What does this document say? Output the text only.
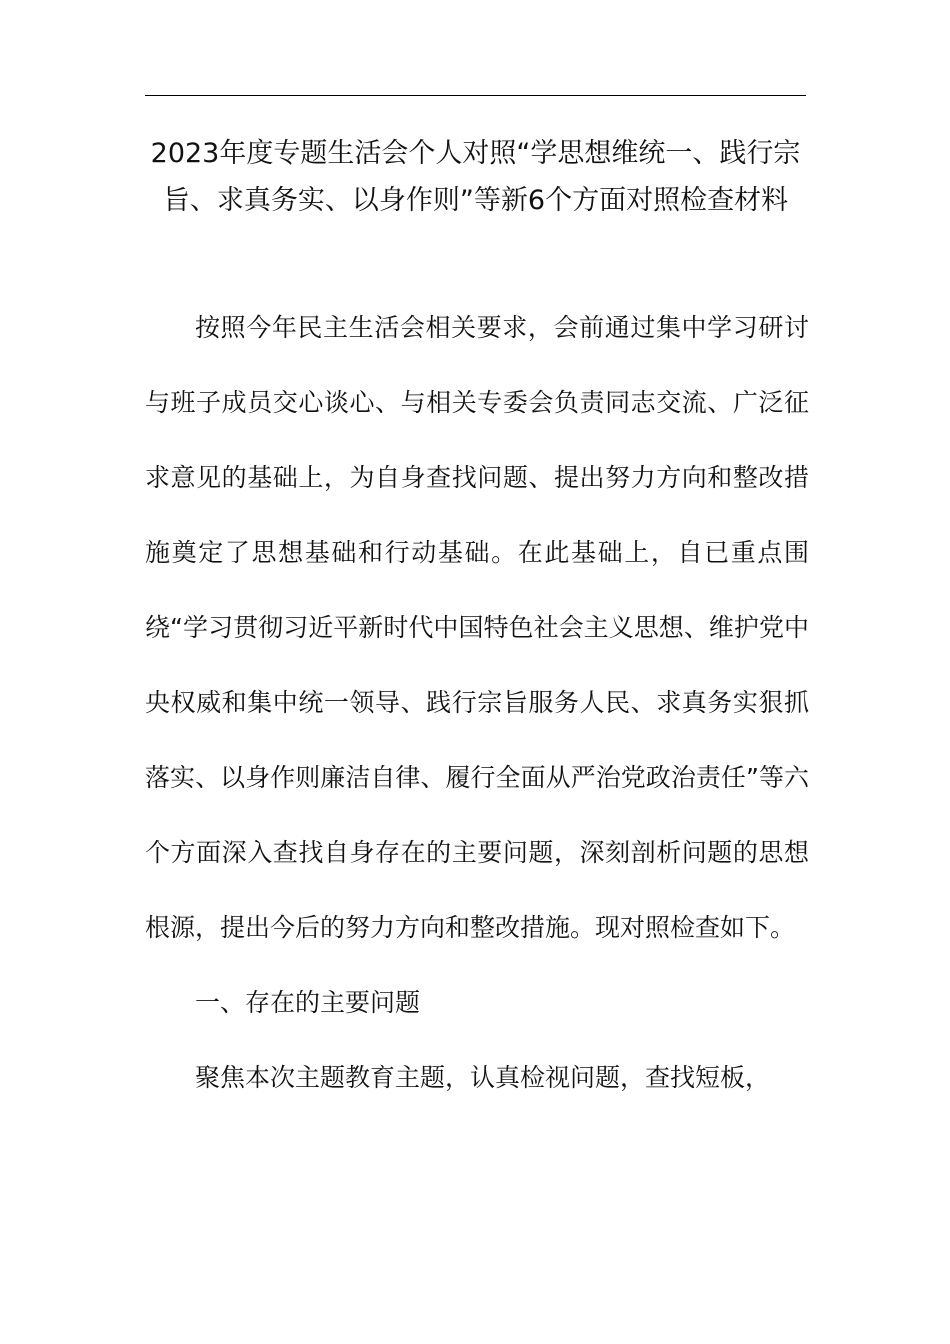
2023年度专题生活会个人对照“学思想维统一、践行宗旨、求真务实、以身作则”等新6个方面对照检查材料

按照今年民主生活会相关要求，会前通过集中学习研讨与班子成员交心谈心、与相关专委会负责同志交流、广泛征求意见的基础上，为自身查找问题、提出努力方向和整改措施奠定了思想基础和行动基础。在此基础上，自已重点围绕“学习贯彻习近平新时代中国特色社会主义思想、维护党中央权威和集中统一领导、践行宗旨服务人民、求真务实狠抓落实、以身作则廉洁自律、履行全面从严治党政治责任”等六个方面深入查找自身存在的主要问题，深刻剖析问题的思想根源，提出今后的努力方向和整改措施。现对照检查如下。

一、存在的主要问题

聚焦本次主题教育主题，认真检视问题，查找短板，
